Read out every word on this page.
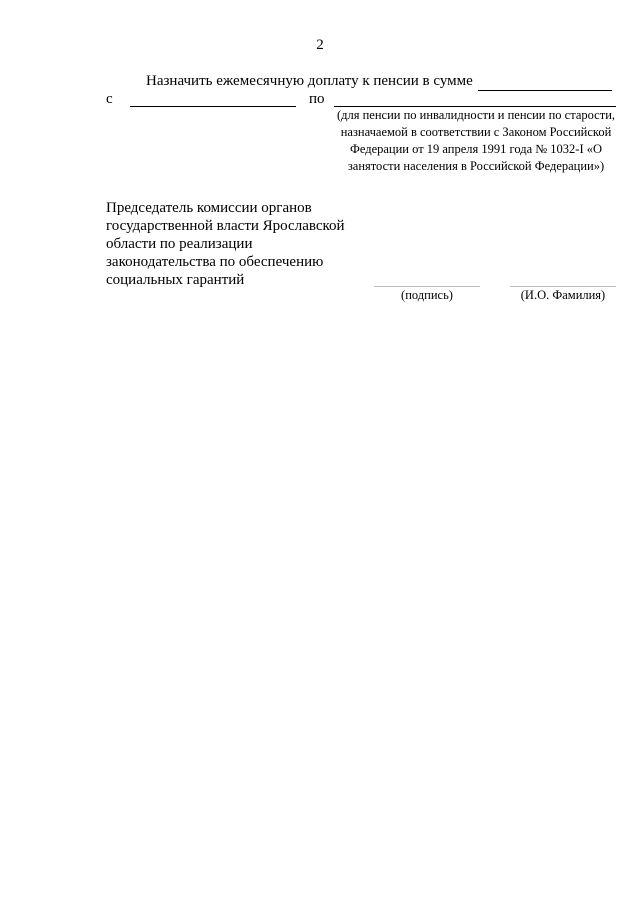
2
Назначить ежемесячную доплату к пенсии в сумме
с	по
(для пенсии по инвалидности и пенсии по старости, назначаемой в соответствии с Законом Российской Федерации от 19 апреля 1991 года № 1032-I «О занятости населения в Российской Федерации»)
Председатель комиссии органов государственной власти Ярославской области по реализации законодательства по обеспечению социальных гарантий
(подпись)	(И.О. Фамилия)
